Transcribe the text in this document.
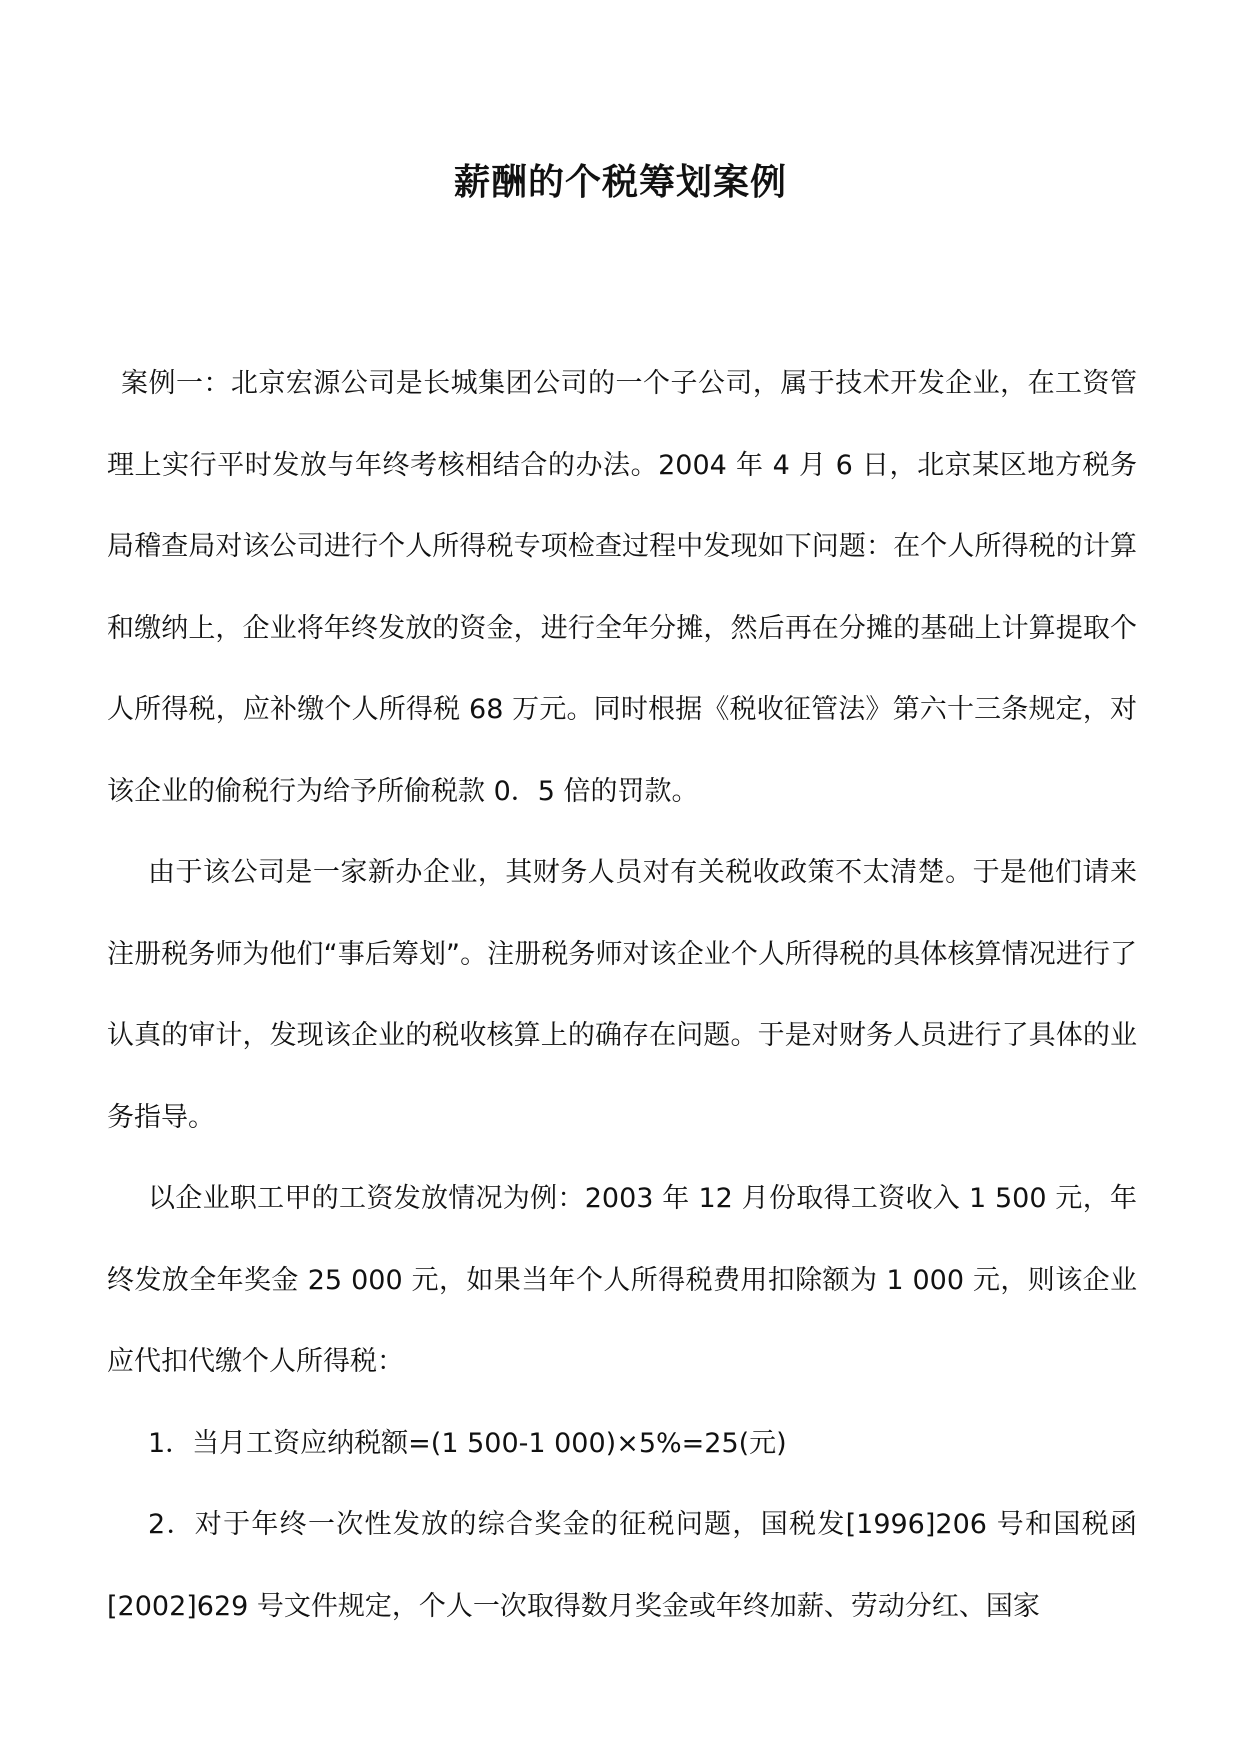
薪酬的个税筹划案例

案例一：北京宏源公司是长城集团公司的一个子公司，属于技术开发企业，在工资管理上实行平时发放与年终考核相结合的办法。2004 年 4 月 6 日，北京某区地方税务局稽查局对该公司进行个人所得税专项检查过程中发现如下问题：在个人所得税的计算和缴纳上，企业将年终发放的资金，进行全年分摊，然后再在分摊的基础上计算提取个人所得税，应补缴个人所得税 68 万元。同时根据《税收征管法》第六十三条规定，对该企业的偷税行为给予所偷税款 0．5 倍的罚款。

由于该公司是一家新办企业，其财务人员对有关税收政策不太清楚。于是他们请来注册税务师为他们“事后筹划”。注册税务师对该企业个人所得税的具体核算情况进行了认真的审计，发现该企业的税收核算上的确存在问题。于是对财务人员进行了具体的业务指导。

以企业职工甲的工资发放情况为例：2003 年 12 月份取得工资收入 1 500 元，年终发放全年奖金 25 000 元，如果当年个人所得税费用扣除额为 1 000 元，则该企业应代扣代缴个人所得税：

1．当月工资应纳税额=(1 500-1 000)×5%=25(元)

2．对于年终一次性发放的综合奖金的征税问题，国税发[1996]206 号和国税函[2002]629 号文件规定，个人一次取得数月奖金或年终加薪、劳动分红、国家
